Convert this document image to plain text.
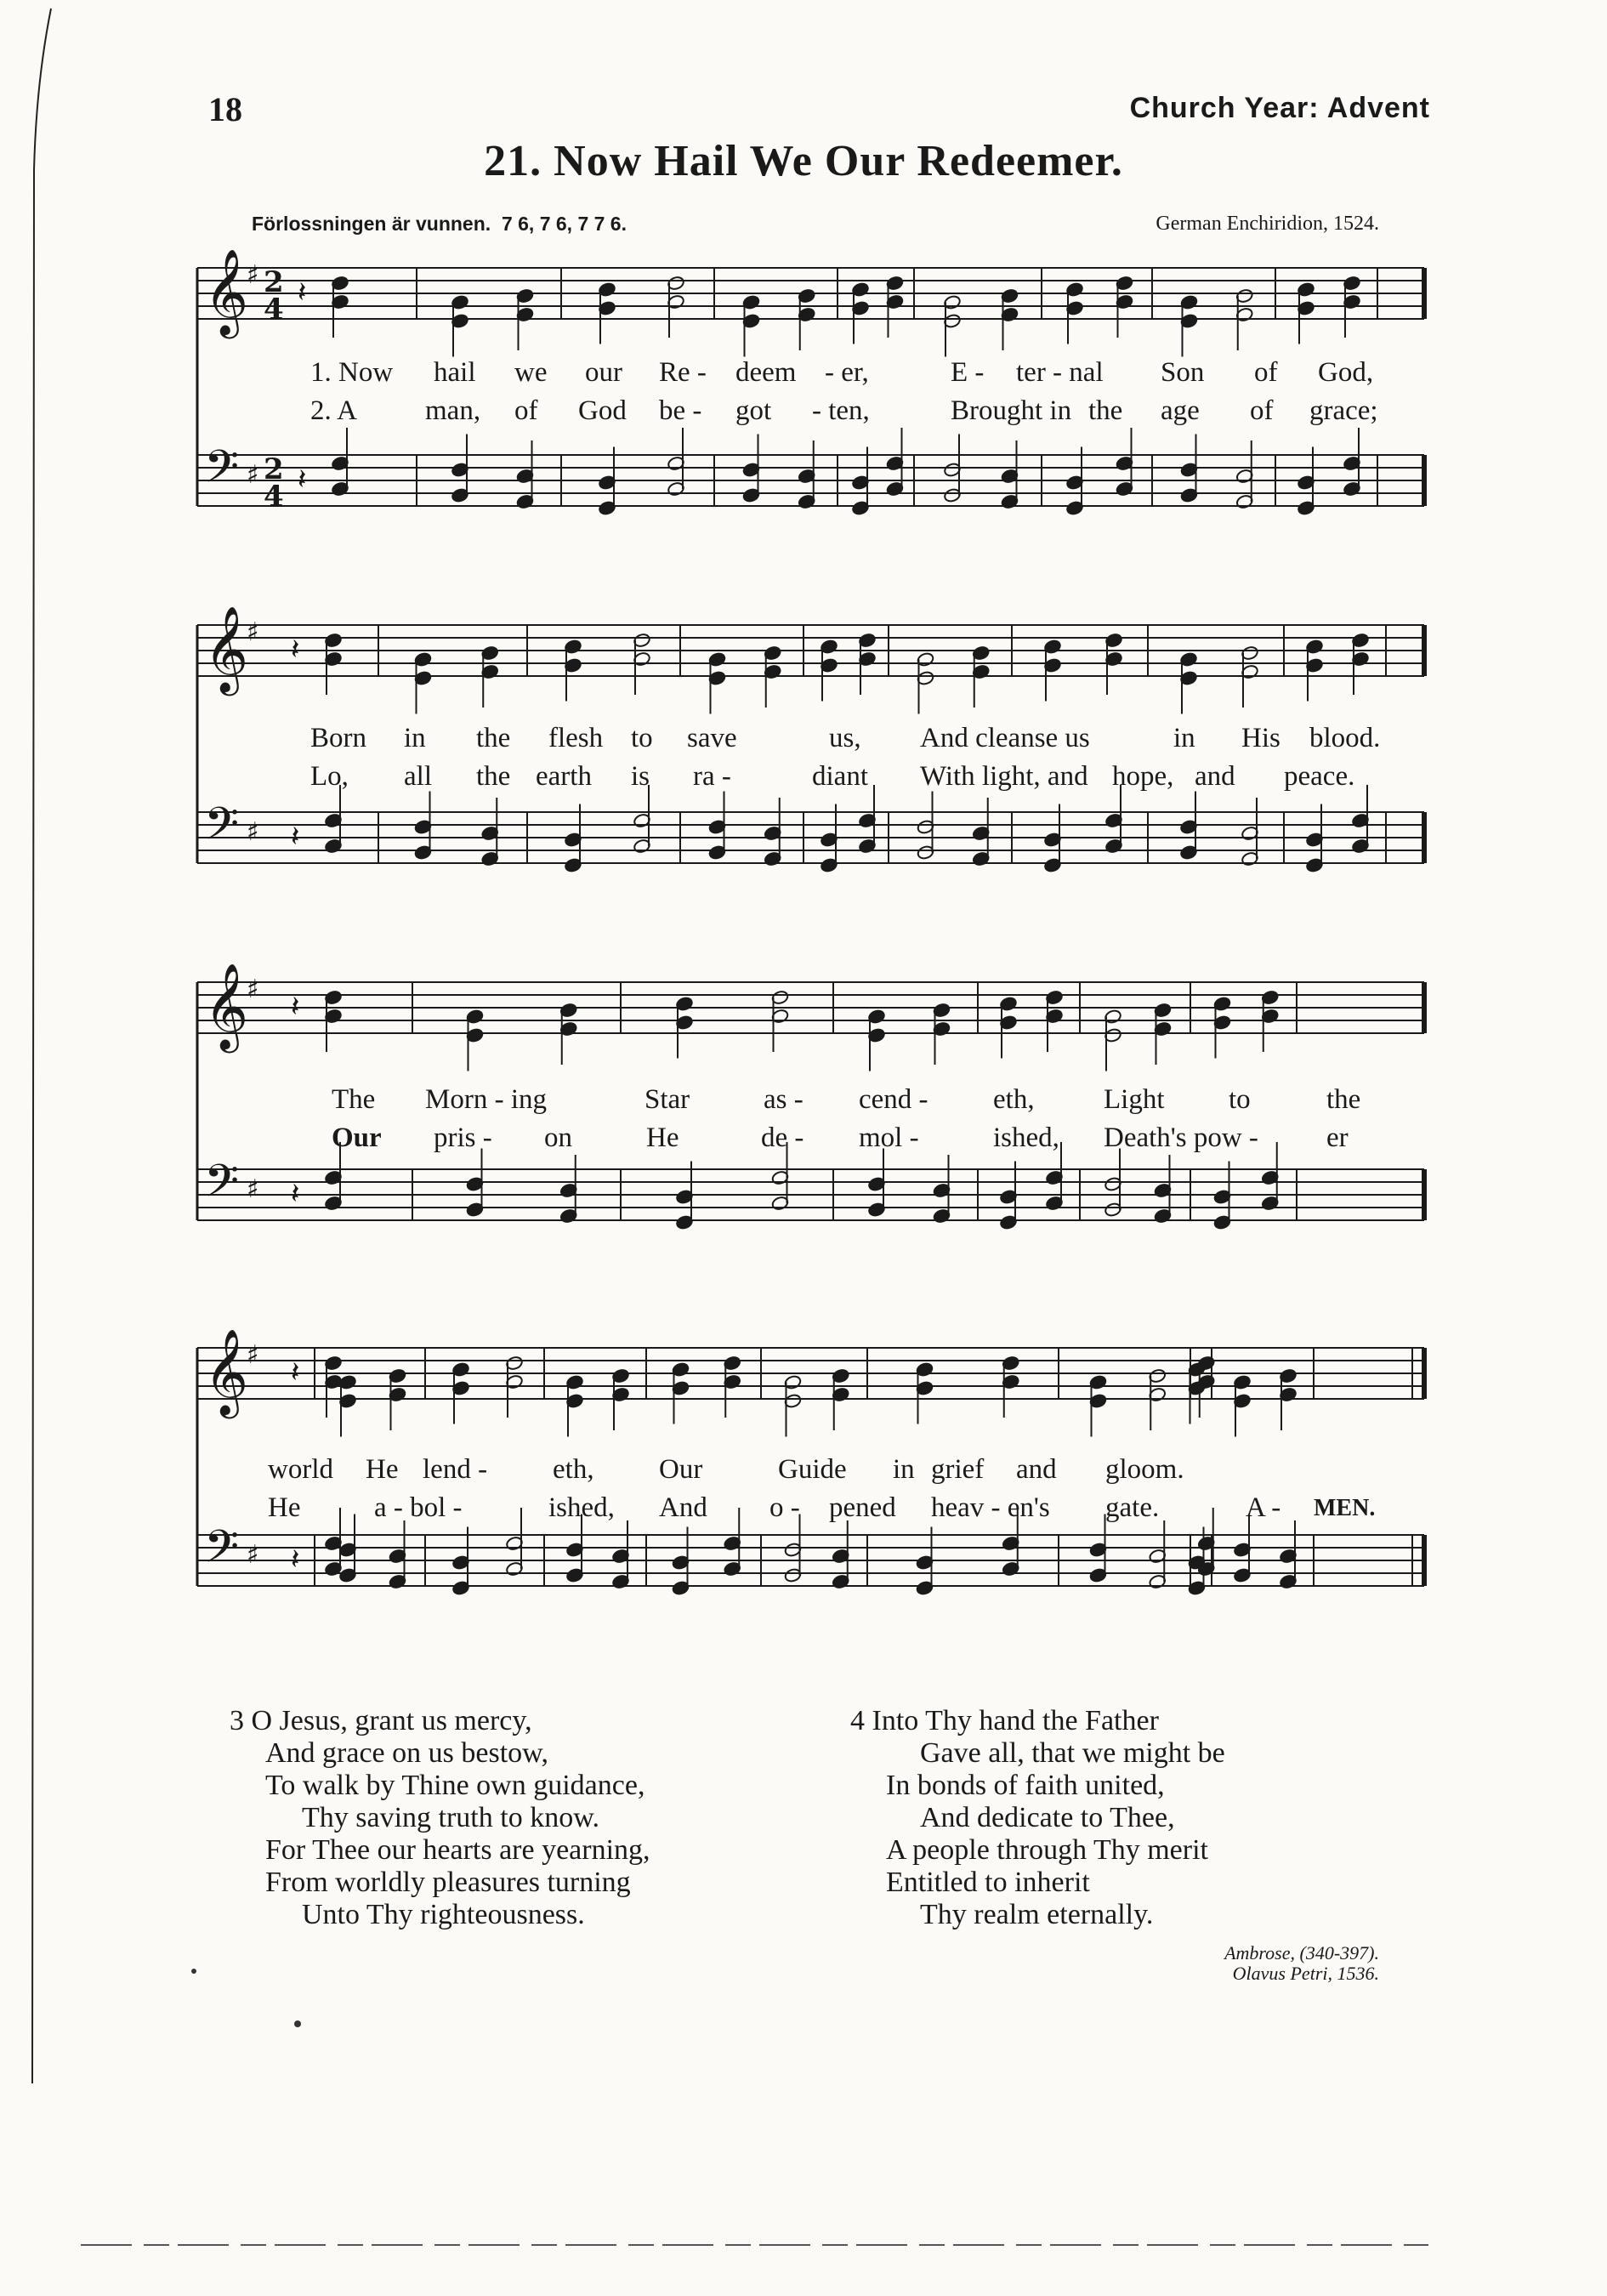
18	Church Year: Advent
21. Now Hail We Our Redeemer.
Förlossningen är vunnen. 7 6, 7 6, 7 7 6.	German Enchiridion, 1524.
𝄞
𝄢
♯
♯
2
4
2
4
𝄽
𝄽
1. Now hail we our Re - deem - er,	E - ter - nal Son of God,
2. A man, of God be - got - ten,	Brought in the age of grace;
𝄞
𝄢
♯
♯
𝄽
𝄽
Born in the flesh to save	us, And cleanse us	in His blood.
Lo, all the earth is ra -	diant With light, and hope, and peace.
𝄞
𝄢
♯
♯
𝄽
𝄽
The Morn - ing	Star	as - cend - eth, Light to	the
Our pris - on	He	de - mol -	ished, Death's pow - er
𝄞
𝄢
♯
♯
𝄽
𝄽
world He lend - eth, Our	Guide in grief and gloom.
He	a - bol -	ished, And o - pened heav - en's gate.	A - MEN.
3 O Jesus, grant us mercy,
And grace on us bestow,
To walk by Thine own guidance,
Thy saving truth to know.
For Thee our hearts are yearning,
From worldly pleasures turning
Unto Thy righteousness.
4 Into Thy hand the Father
Gave all, that we might be
In bonds of faith united,
And dedicate to Thee,
A people through Thy merit
Entitled to inherit
Thy realm eternally.
Ambrose, (340-397).
Olavus Petri, 1536.
